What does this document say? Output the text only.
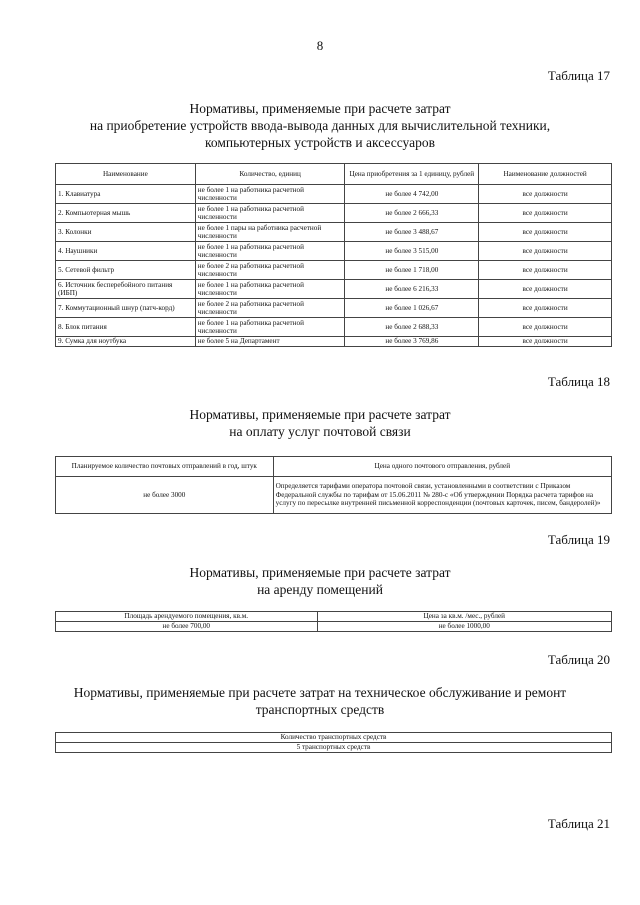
8
Таблица 17
Нормативы, применяемые при расчете затрат
на приобретение устройств ввода-вывода данных для вычислительной техники,
компьютерных устройств и аксессуаров
Наименование	Количество, единиц	Цена приобретения за 1 единицу, рублей	Наименование должностей
1. Клавиатура	не более 1 на работника расчетной численности	не более 4 742,00	все должности
2. Компьютерная мышь	не более 1 на работника расчетной численности	не более 2 666,33	все должности
3. Колонки	не более 1 пары на работника расчетной численности	не более 3 488,67	все должности
4. Наушники	не более 1 на работника расчетной численности	не более 3 515,00	все должности
5. Сетевой фильтр	не более 2 на работника расчетной численности	не более 1 718,00	все должности
6. Источник бесперебойного питания (ИБП)	не более 1 на работника расчетной численности	не более 6 216,33	все должности
7. Коммутационный шнур (патч-корд)	не более 2 на работника расчетной численности	не более 1 026,67	все должности
8. Блок питания	не более 1 на работника расчетной численности	не более 2 688,33	все должности
9. Сумка для ноутбука	не более 5 на Департамент	не более 3 769,86	все должности
Таблица 18
Нормативы, применяемые при расчете затрат
на оплату услуг почтовой связи
Планируемое количество почтовых отправлений в год, штук	Цена одного почтового отправления, рублей
не более 3000	Определяется тарифами оператора почтовой связи, установленными в соответствии с Приказом Федеральной службы по тарифам от 15.06.2011 № 280-с «Об утверждении Порядка расчета тарифов на услугу по пересылке внутренней письменной корреспонденции (почтовых карточек, писем, бандеролей)»
Таблица 19
Нормативы, применяемые при расчете затрат
на аренду помещений
Площадь арендуемого помещения, кв.м.	Цена за кв.м. /мес., рублей
не более 700,00	не более 1000,00
Таблица 20
Нормативы, применяемые при расчете затрат на техническое обслуживание и ремонт
транспортных средств
Количество транспортных средств
5 транспортных средств
Таблица 21
